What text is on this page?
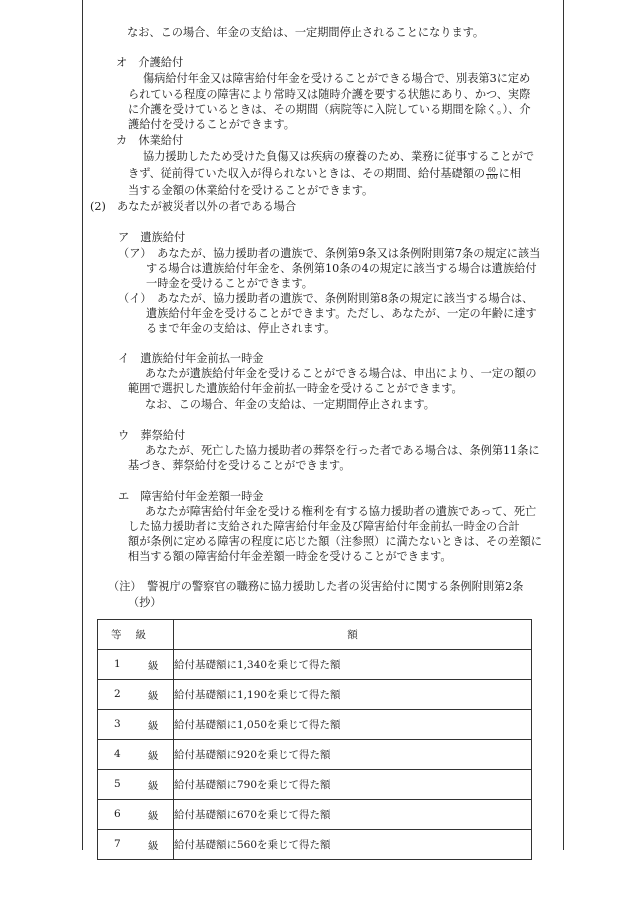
なお、この場合、年金の支給は、一定期間停止されることになります。
オ　介護給付
傷病給付年金又は障害給付年金を受けることができる場合で、別表第3に定め
られている程度の障害により常時又は随時介護を要する状態にあり、かつ、実際
に介護を受けているときは、その期間（病院等に入院している期間を除く。）、介
護給付を受けることができます。
カ　休業給付
協力援助したため受けた負傷又は疾病の療養のため、業務に従事することがで
きず、従前得ていた収入が得られないときは、その期間、給付基礎額の $\frac{60}{100}$ に相
当する金額の休業給付を受けることができます。
(2)　あなたが被災者以外の者である場合
ア　遺族給付
（ア）　あなたが、協力援助者の遺族で、条例第9条又は条例附則第7条の規定に該当
する場合は遺族給付年金を、条例第10条の4の規定に該当する場合は遺族給付
一時金を受けることができます。
（イ）　あなたが、協力援助者の遺族で、条例附則第8条の規定に該当する場合は、
遺族給付年金を受けることができます。ただし、あなたが、一定の年齢に達す
るまで年金の支給は、停止されます。
イ　遺族給付年金前払一時金
あなたが遺族給付年金を受けることができる場合は、申出により、一定の額の
範囲で選択した遺族給付年金前払一時金を受けることができます。
なお、この場合、年金の支給は、一定期間停止されます。
ウ　葬祭給付
あなたが、死亡した協力援助者の葬祭を行った者である場合は、条例第11条に
基づき、葬祭給付を受けることができます。
エ　障害給付年金差額一時金
あなたが障害給付年金を受ける権利を有する協力援助者の遺族であって、死亡
した協力援助者に支給された障害給付年金及び障害給付年金前払一時金の合計
額が条例に定める障害の程度に応じた額（注参照）に満たないときは、その差額に
相当する額の障害給付年金差額一時金を受けることができます。
（注）　警視庁の警察官の職務に協力援助した者の災害給付に関する条例附則第2条
（抄）
等級	額

1 級	給付基礎額に1,340を乗じて得た額

2 級	給付基礎額に1,190を乗じて得た額

3 級	給付基礎額に1,050を乗じて得た額

4 級	給付基礎額に920を乗じて得た額

5 級	給付基礎額に790を乗じて得た額

6 級	給付基礎額に670を乗じて得た額

7 級	給付基礎額に560を乗じて得た額
